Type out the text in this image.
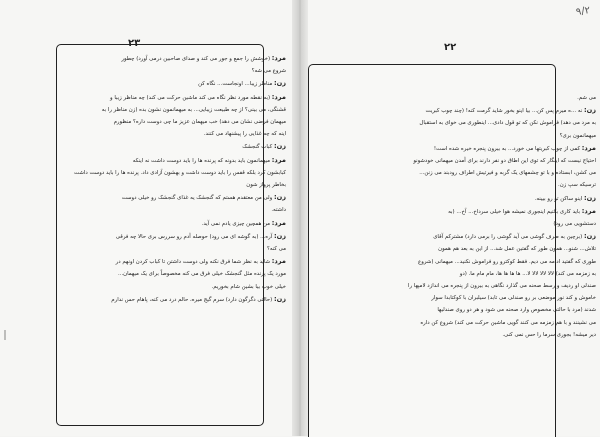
۹/۲
۲۳
مرد: (خوشش را جمع و جور می کند و صدای صاحبین درمی آورد) چطور
شروع می شه؟
زن: مناظر زیبا... اونجاست... نگاه کن
مرد: (به نقطه مورد نظر نگاه می کند ماشین حرکت می کند) چه مناظر زیبا و
قشنگی، می بینی؟ از چه طبیعت زیبایی... به میهمانمون نشون بده (زن مناظر را به
میهمان فرضی نشان می دهد) خب میهمان عزیز ما چی دوست داره؟ منظورم
اینه که چه غذایی را پیشنهاد می کنند.
زن: کباب گنجشک
مرد: میهمانمون باید بدونه که پرنده ها را باید دوست داشت نه اینکه
کبابشون کرد بلکه قفس را باید دوست داشت و بهشون آزادی داد. پرنده ها را باید دوست داشت
بخاطر پرواز شون
زن: ولی من معتقدم هستم که گنجشک یه غذای گنجشک رو خیلی دوست
داشته.
مرد: من همچین چیزی یادم نمی آید.
زن: آره... (به گوشه ای می رود) حوصله آدم رو سررس بری حالا چه فرقی
می کنه؟
مرد: شاید به نظر شما فرق نکنه ولی دوست داشتن تا کباب کردن اونهم در
مورد یک پرنده مثل گنجشک خیلی فرق می کنه مخصوصاً برای یک میهمان...
خیلی خوب بیا بشین شام بخوریم.
زن: (حالتی دگرگون دارد) سرم گیج میره، حالم درد می کنه، پاهام حس ندارم
۲۲
می شم.
زن: نه ...ه میرم پس کن... بیا اینو بخور شاید گرمت کنه! (چند چوب کبریت
به مرد می دهد) فراموش نکن که تو قول دادی... اینطوری می خوای به استقبال
میهمانمون بری؟
مرد: کمی از چوب کبریتها می خورد... به بیرون پنجره خیره شده است!
احتیاج نیست که اینگار که توی این اطاق دو نفر دارند برای آمدن میهمانی خودشونو
می کشن، ابستاده و با تو چشمهای یک گربه و فیرتیش اطراف رودبند می زنن...
ترسیکه سپ زن.
زن: اینو ساکن تو رو بیینه.
مرد: باید کاری بکنیم اینجوری نمیشه هوا خیلی سرداخ... آخ... (به
دستشویی می رود)
زن: (برچین به طرف گوشی می آید گوشی را برمی دارد) مشترکم آقای
تلاش... شنو... همون طور که گفتین عمل شد... از این به بعد هم همون
طوری که گفتید ادامه می دیم. فقط کوکترو رو فراموش نکنید... میهمانی (شروع
به زمزمه می کند) لالا لالا لالا لا... ها ها ها ها، مام مام ما. (دو
صندلی او ردیف و رسط صحنه می گذارد نگاهی به بیرون از پنجره می اندازد لامپها را
خاموش و کند نور موضعی بر رو صندلی می تابد) سیلبران با کوکتابدا سوار
شدند (مرد با حالتی مخصوص وارد صحنه می شود و هر دو روی صندلیها
می نشینند و با هم زمزمه می کنند گویی ماشین حرکت می کند) شروع کن داره
دیر میشه! بجوری سرما را حس نمی کنی.
